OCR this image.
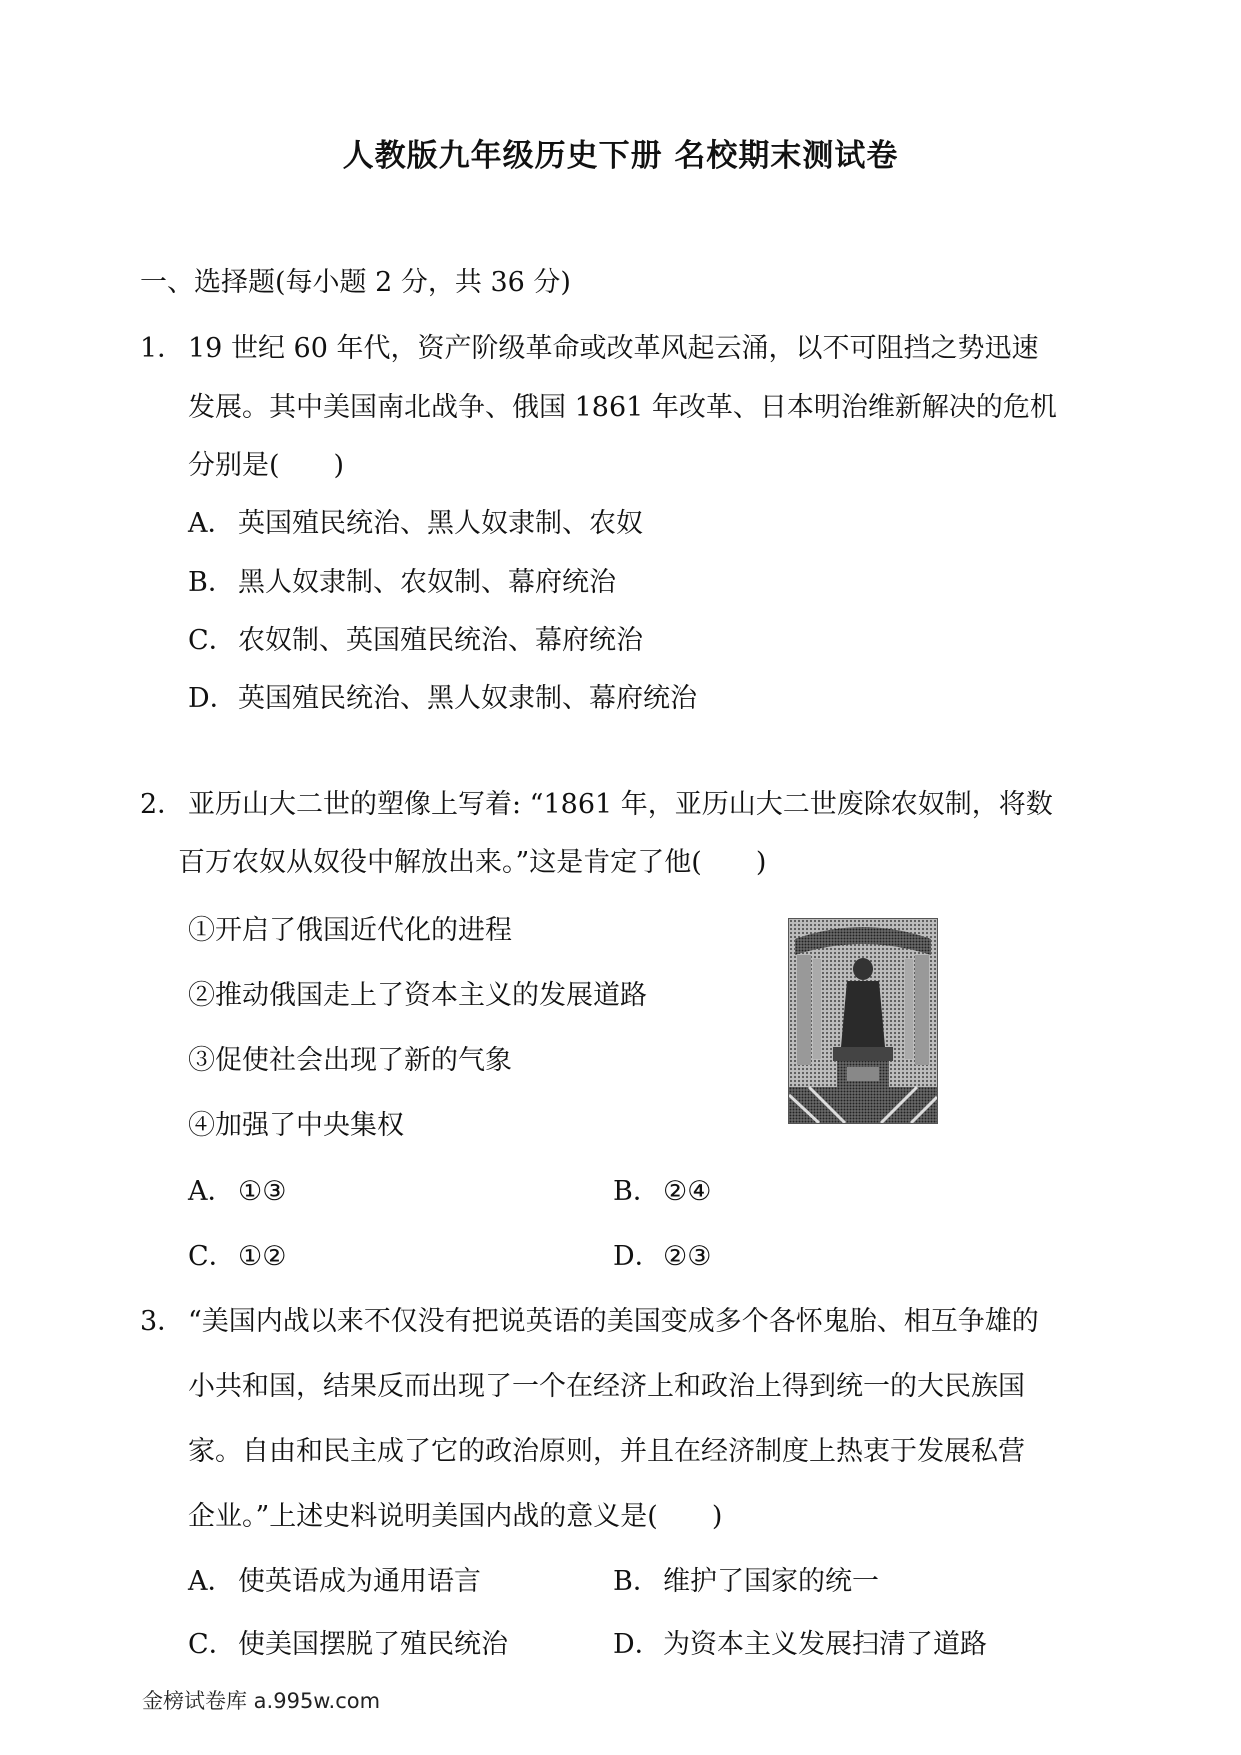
人教版九年级历史下册 名校期末测试卷
一、选择题(每小题 2 分，共 36 分)
1． 19 世纪 60 年代，资产阶级革命或改革风起云涌，以不可阻挡之势迅速
发展。其中美国南北战争、俄国 1861 年改革、日本明治维新解决的危机
分别是(　　)
A． 英国殖民统治、黑人奴隶制、农奴
B． 黑人奴隶制、农奴制、幕府统治
C．农奴制、英国殖民统治、幕府统治
D．英国殖民统治、黑人奴隶制、幕府统治
2． 亚历山大二世的塑像上写着: “1861 年，亚历山大二世废除农奴制，将数
百万农奴从奴役中解放出来。”这是肯定了他(　　)
①开启了俄国近代化的进程
②推动俄国走上了资本主义的发展道路
③促使社会出现了新的气象
④加强了中央集权
A． ①③	B． ②④
C．①②	D．②③
3． “美国内战以来不仅没有把说英语的美国变成多个各怀鬼胎、相互争雄的
小共和国，结果反而出现了一个在经济上和政治上得到统一的大民族国
家。自由和民主成了它的政治原则，并且在经济制度上热衷于发展私营
企业。”上述史料说明美国内战的意义是(　　)
A． 使英语成为通用语言	B． 维护了国家的统一
C．使美国摆脱了殖民统治	D．为资本主义发展扫清了道路
金榜试卷库 a.995w.com
